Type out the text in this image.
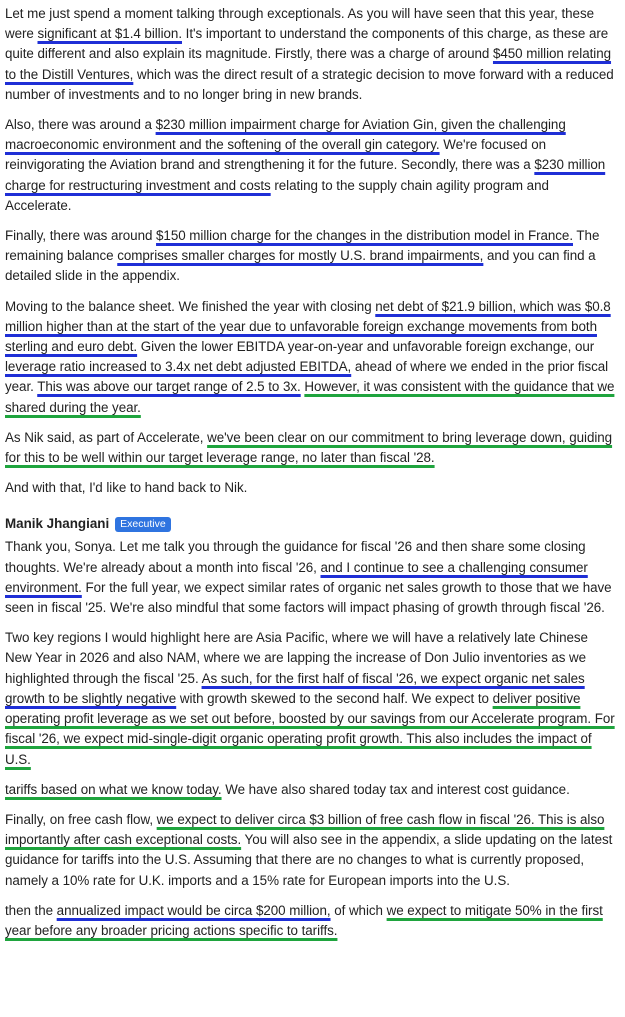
Let me just spend a moment talking through exceptionals. As you will have seen that this year, these were significant at $1.4 billion. It's important to understand the components of this charge, as these are quite different and also explain its magnitude. Firstly, there was a charge of around $450 million relating to the Distill Ventures, which was the direct result of a strategic decision to move forward with a reduced number of investments and to no longer bring in new brands.

Also, there was around a $230 million impairment charge for Aviation Gin, given the challenging macroeconomic environment and the softening of the overall gin category. We're focused on reinvigorating the Aviation brand and strengthening it for the future. Secondly, there was a $230 million charge for restructuring investment and costs relating to the supply chain agility program and Accelerate.

Finally, there was around $150 million charge for the changes in the distribution model in France. The remaining balance comprises smaller charges for mostly U.S. brand impairments, and you can find a detailed slide in the appendix.

Moving to the balance sheet. We finished the year with closing net debt of $21.9 billion, which was $0.8 million higher than at the start of the year due to unfavorable foreign exchange movements from both sterling and euro debt. Given the lower EBITDA year-on-year and unfavorable foreign exchange, our leverage ratio increased to 3.4x net debt adjusted EBITDA, ahead of where we ended in the prior fiscal year. This was above our target range of 2.5 to 3x. However, it was consistent with the guidance that we shared during the year.

As Nik said, as part of Accelerate, we've been clear on our commitment to bring leverage down, guiding for this to be well within our target leverage range, no later than fiscal '28.

And with that, I'd like to hand back to Nik.

Manik Jhangiani Executive

Thank you, Sonya. Let me talk you through the guidance for fiscal '26 and then share some closing thoughts. We're already about a month into fiscal '26, and I continue to see a challenging consumer environment. For the full year, we expect similar rates of organic net sales growth to those that we have seen in fiscal '25. We're also mindful that some factors will impact phasing of growth through fiscal '26.

Two key regions I would highlight here are Asia Pacific, where we will have a relatively late Chinese New Year in 2026 and also NAM, where we are lapping the increase of Don Julio inventories as we highlighted through the fiscal '25. As such, for the first half of fiscal '26, we expect organic net sales growth to be slightly negative with growth skewed to the second half. We expect to deliver positive operating profit leverage as we set out before, boosted by our savings from our Accelerate program. For fiscal '26, we expect mid-single-digit organic operating profit growth. This also includes the impact of U.S.

tariffs based on what we know today. We have also shared today tax and interest cost guidance.

Finally, on free cash flow, we expect to deliver circa $3 billion of free cash flow in fiscal '26. This is also importantly after cash exceptional costs. You will also see in the appendix, a slide updating on the latest guidance for tariffs into the U.S. Assuming that there are no changes to what is currently proposed, namely a 10% rate for U.K. imports and a 15% rate for European imports into the U.S.

then the annualized impact would be circa $200 million, of which we expect to mitigate 50% in the first year before any broader pricing actions specific to tariffs.
